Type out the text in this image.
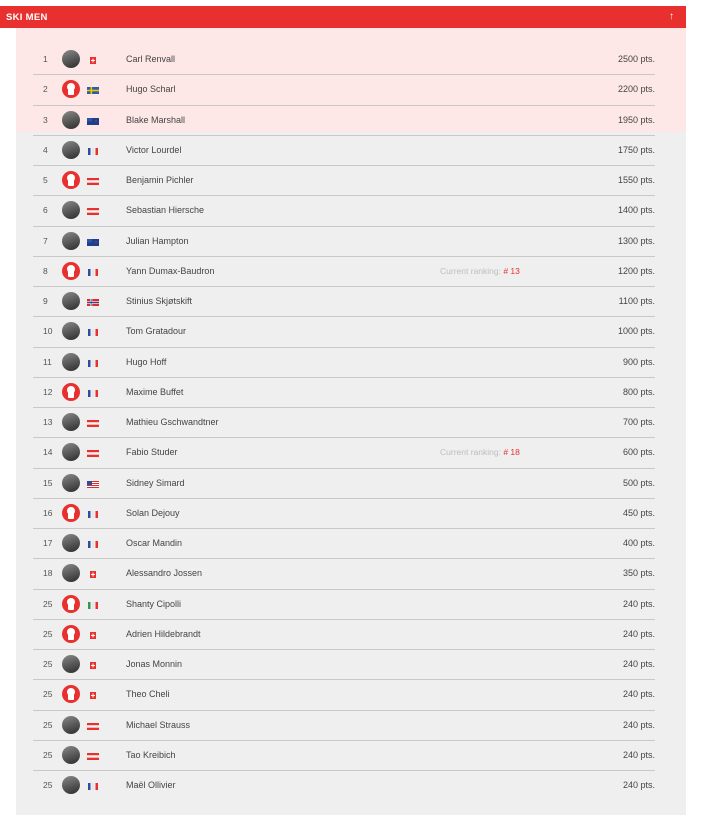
SKI MEN	↑
1	Carl Renvall	2500 pts.
2	Hugo Scharl	2200 pts.
3	Blake Marshall	1950 pts.
4	Victor Lourdel	1750 pts.
5	Benjamin Pichler	1550 pts.
6	Sebastian Hiersche	1400 pts.
7	Julian Hampton	1300 pts.
8	Yann Dumax-Baudron	Current ranking: # 13	1200 pts.
9	Stinius Skjøtskift	1100 pts.
10	Tom Gratadour	1000 pts.
11	Hugo Hoff	900 pts.
12	Maxime Buffet	800 pts.
13	Mathieu Gschwandtner	700 pts.
14	Fabio Studer	Current ranking: # 18	600 pts.
15	Sidney Simard	500 pts.
16	Solan Dejouy	450 pts.
17	Oscar Mandin	400 pts.
18	Alessandro Jossen	350 pts.
25	Shanty Cipolli	240 pts.
25	Adrien Hildebrandt	240 pts.
25	Jonas Monnin	240 pts.
25	Theo Cheli	240 pts.
25	Michael Strauss	240 pts.
25	Tao Kreibich	240 pts.
25	Maël Ollivier	240 pts.
